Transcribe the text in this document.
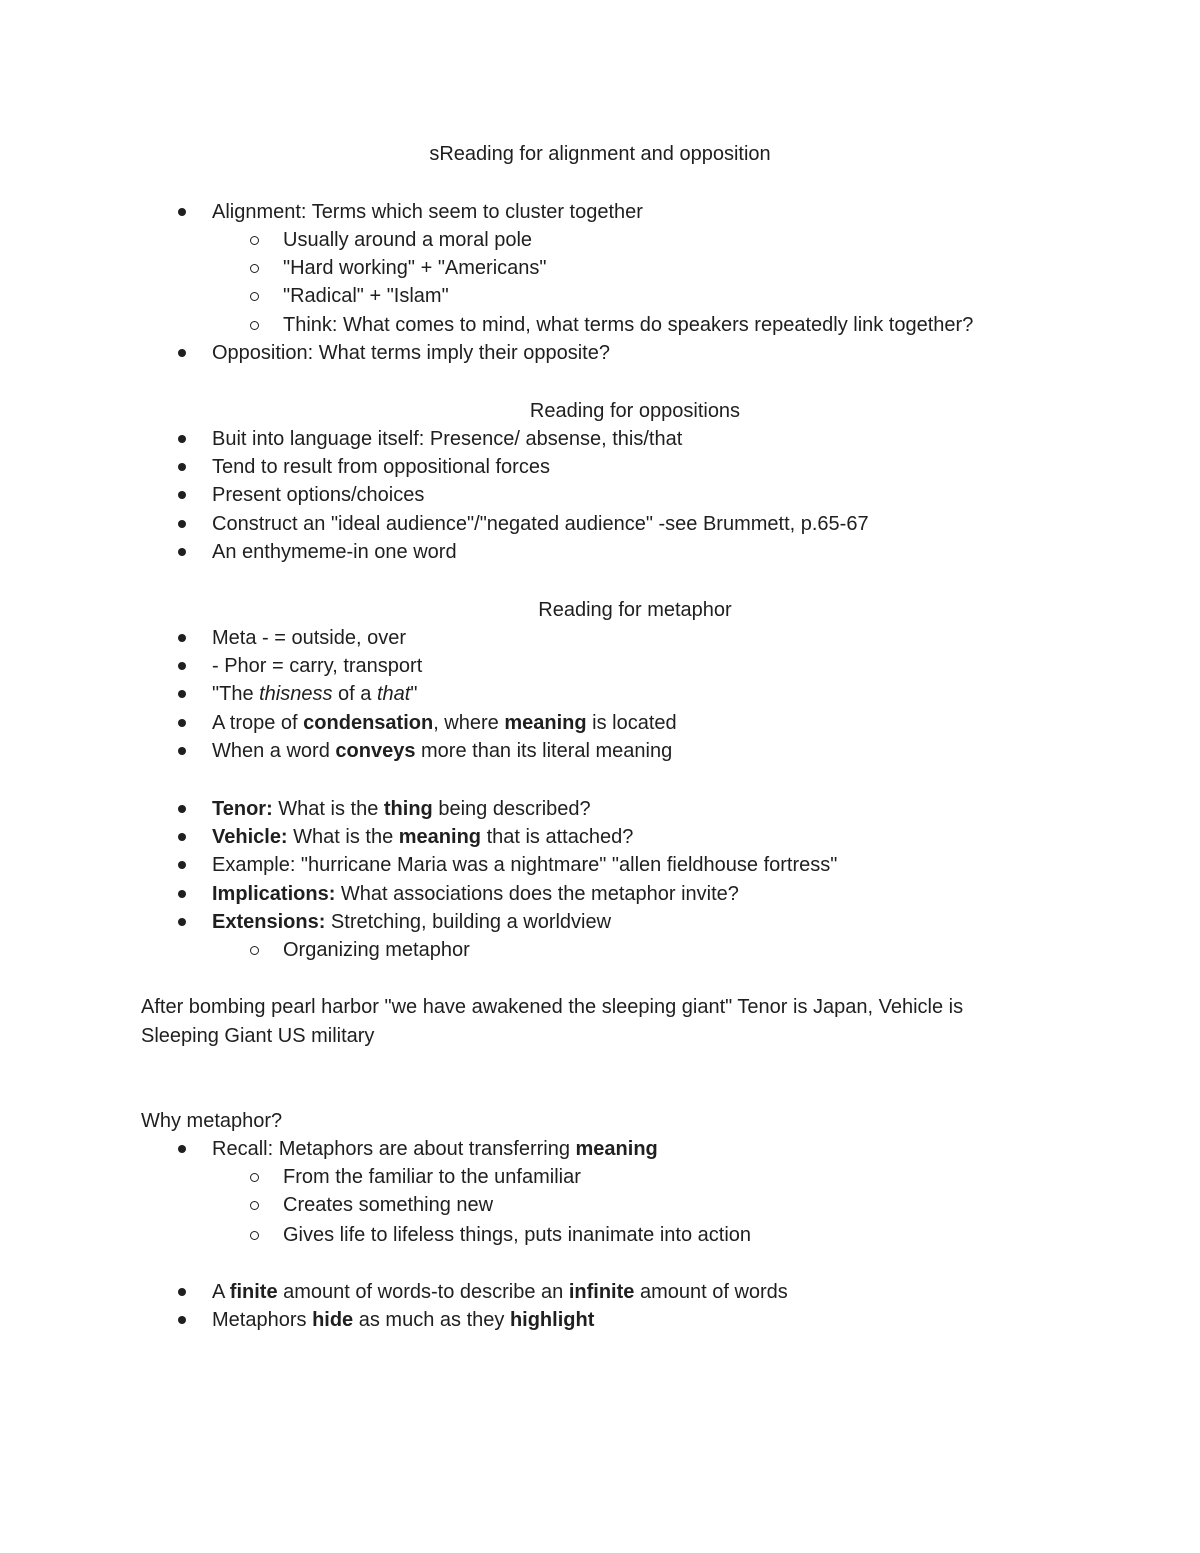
sReading for alignment and opposition
Alignment: Terms which seem to cluster together
Usually around a moral pole
"Hard working" + "Americans"
"Radical" + "Islam"
Think: What comes to mind, what terms do speakers repeatedly link together?
Opposition: What terms imply their opposite?
Reading for oppositions
Buit into language itself: Presence/ absense, this/that
Tend to result from oppositional forces
Present options/choices
Construct an "ideal audience"/"negated audience" -see Brummett, p.65-67
An enthymeme-in one word
Reading for metaphor
Meta - = outside, over
- Phor = carry, transport
"The thisness of a that"
A trope of condensation, where meaning is located
When a word conveys more than its literal meaning
Tenor: What is the thing being described?
Vehicle: What is the meaning that is attached?
Example: "hurricane Maria was a nightmare" "allen fieldhouse fortress"
Implications: What associations does the metaphor invite?
Extensions: Stretching, building a worldview
Organizing metaphor
After bombing pearl harbor "we have awakened the sleeping giant" Tenor is Japan, Vehicle is
Sleeping Giant US military
Why metaphor?
Recall: Metaphors are about transferring meaning
From the familiar to the unfamiliar
Creates something new
Gives life to lifeless things, puts inanimate into action
A finite amount of words-to describe an infinite amount of words
Metaphors hide as much as they highlight
